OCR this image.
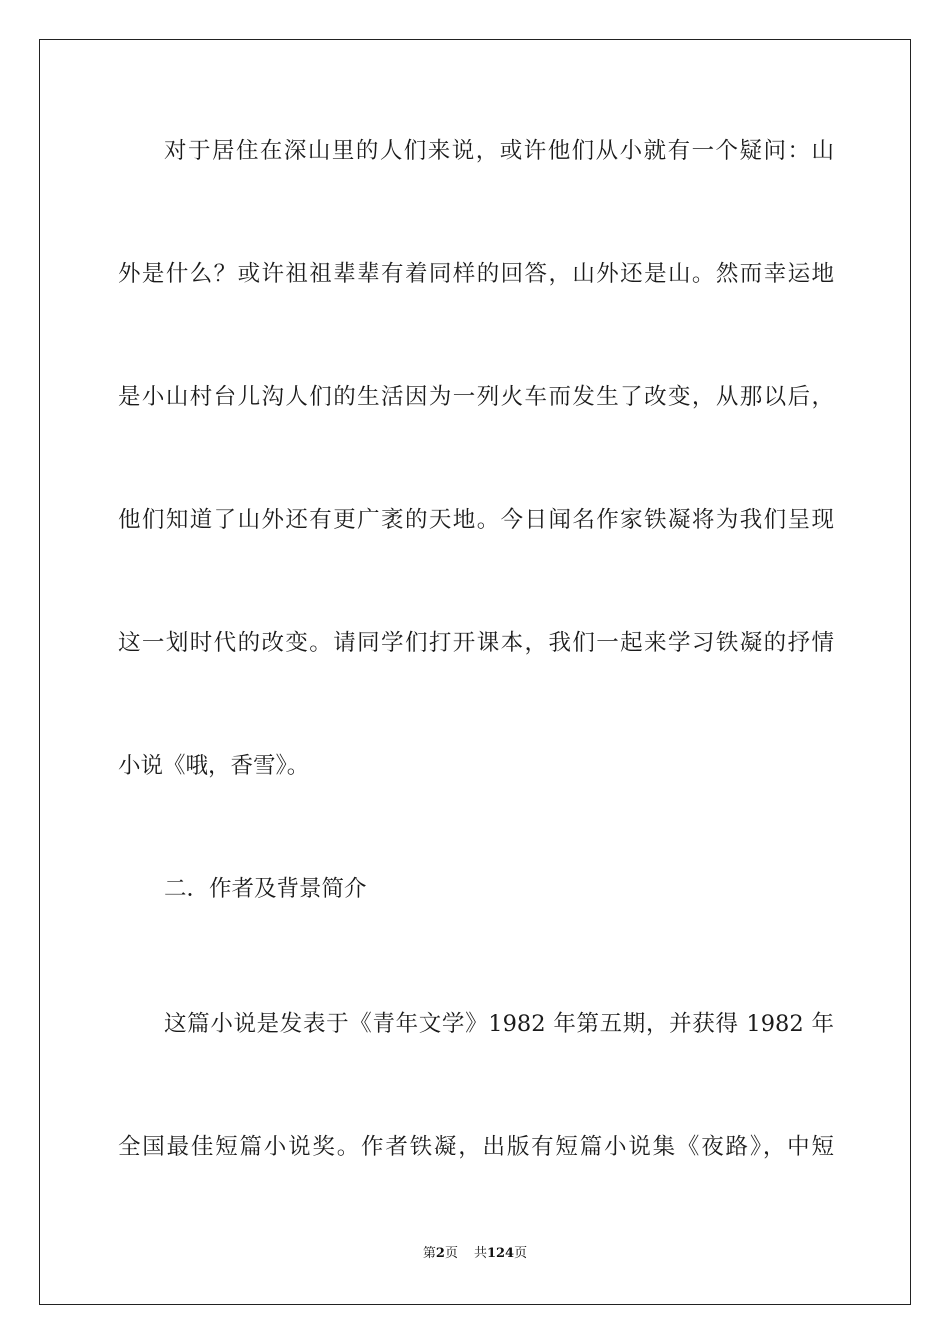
对于居住在深山里的人们来说，或许他们从小就有一个疑问：山
外是什么？或许祖祖辈辈有着同样的回答，山外还是山。然而幸运地
是小山村台儿沟人们的生活因为一列火车而发生了改变，从那以后，
他们知道了山外还有更广袤的天地。今日闻名作家铁凝将为我们呈现
这一划时代的改变。请同学们打开课本，我们一起来学习铁凝的抒情
小说《哦，香雪》。
二．作者及背景简介
这篇小说是发表于《青年文学》1982 年第五期，并获得 1982 年
全国最佳短篇小说奖。作者铁凝，出版有短篇小说集《夜路》，中短
第2页 共124页
